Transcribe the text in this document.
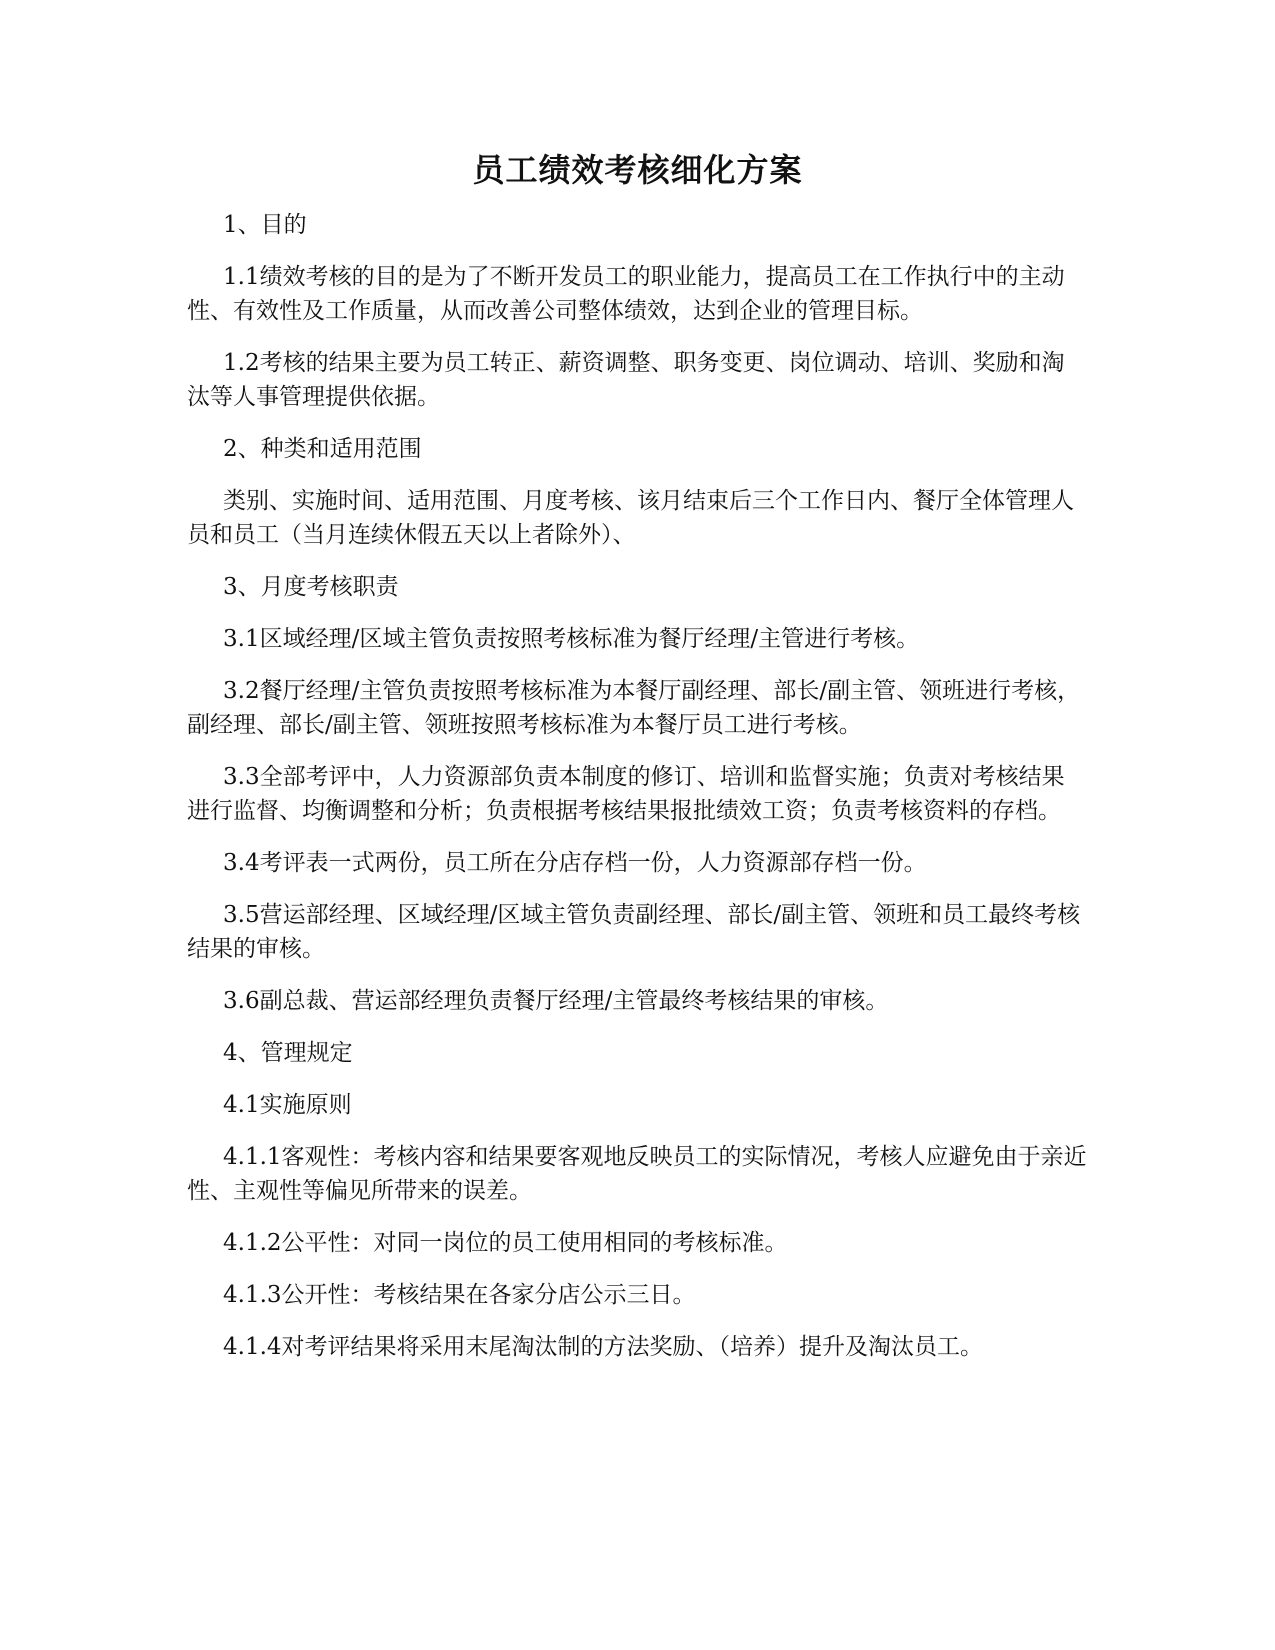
员工绩效考核细化方案

1、目的

1.1绩效考核的目的是为了不断开发员工的职业能力，提高员工在工作执行中的主动性、有效性及工作质量，从而改善公司整体绩效，达到企业的管理目标。

1.2考核的结果主要为员工转正、薪资调整、职务变更、岗位调动、培训、奖励和淘汰等人事管理提供依据。

2、种类和适用范围

类别、实施时间、适用范围、月度考核、该月结束后三个工作日内、餐厅全体管理人员和员工（当月连续休假五天以上者除外）、

3、月度考核职责

3.1区域经理/区域主管负责按照考核标准为餐厅经理/主管进行考核。

3.2餐厅经理/主管负责按照考核标准为本餐厅副经理、部长/副主管、领班进行考核，副经理、部长/副主管、领班按照考核标准为本餐厅员工进行考核。

3.3全部考评中，人力资源部负责本制度的修订、培训和监督实施；负责对考核结果进行监督、均衡调整和分析；负责根据考核结果报批绩效工资；负责考核资料的存档。

3.4考评表一式两份，员工所在分店存档一份，人力资源部存档一份。

3.5营运部经理、区域经理/区域主管负责副经理、部长/副主管、领班和员工最终考核结果的审核。

3.6副总裁、营运部经理负责餐厅经理/主管最终考核结果的审核。

4、管理规定

4.1实施原则

4.1.1客观性：考核内容和结果要客观地反映员工的实际情况，考核人应避免由于亲近性、主观性等偏见所带来的误差。

4.1.2公平性：对同一岗位的员工使用相同的考核标准。

4.1.3公开性：考核结果在各家分店公示三日。

4.1.4对考评结果将采用末尾淘汰制的方法奖励、（培养）提升及淘汰员工。
